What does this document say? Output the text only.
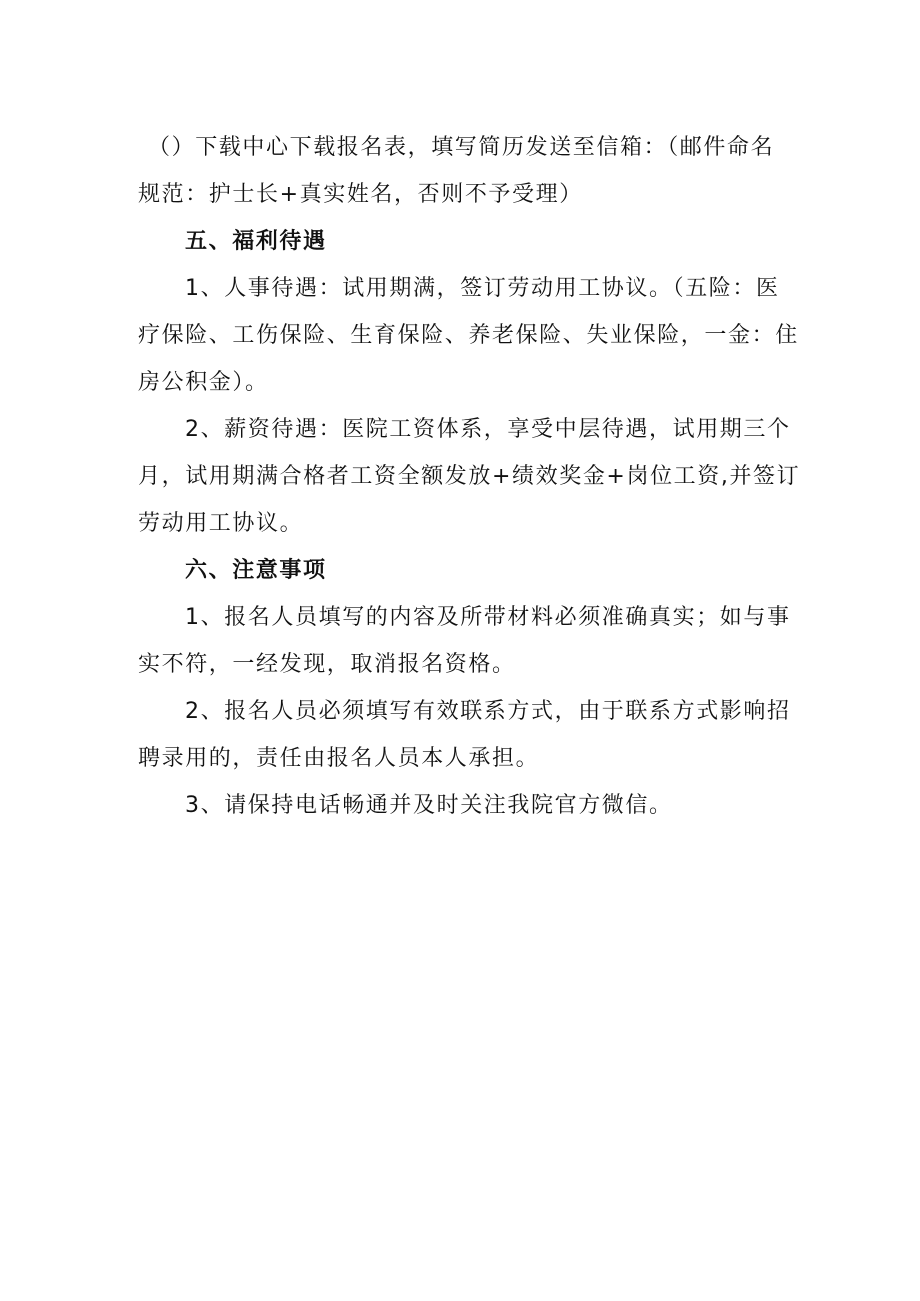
（）下载中心下载报名表，填写简历发送至信箱：（邮件命名
规范：护士长+真实姓名，否则不予受理）
五、福利待遇
1、人事待遇：试用期满，签订劳动用工协议。（五险：医
疗保险、工伤保险、生育保险、养老保险、失业保险，一金：住
房公积金）。
2、薪资待遇：医院工资体系，享受中层待遇，试用期三个
月，试用期满合格者工资全额发放+绩效奖金+岗位工资,并签订
劳动用工协议。
六、注意事项
1、报名人员填写的内容及所带材料必须准确真实；如与事
实不符，一经发现，取消报名资格。
2、报名人员必须填写有效联系方式，由于联系方式影响招
聘录用的，责任由报名人员本人承担。
3、请保持电话畅通并及时关注我院官方微信。
